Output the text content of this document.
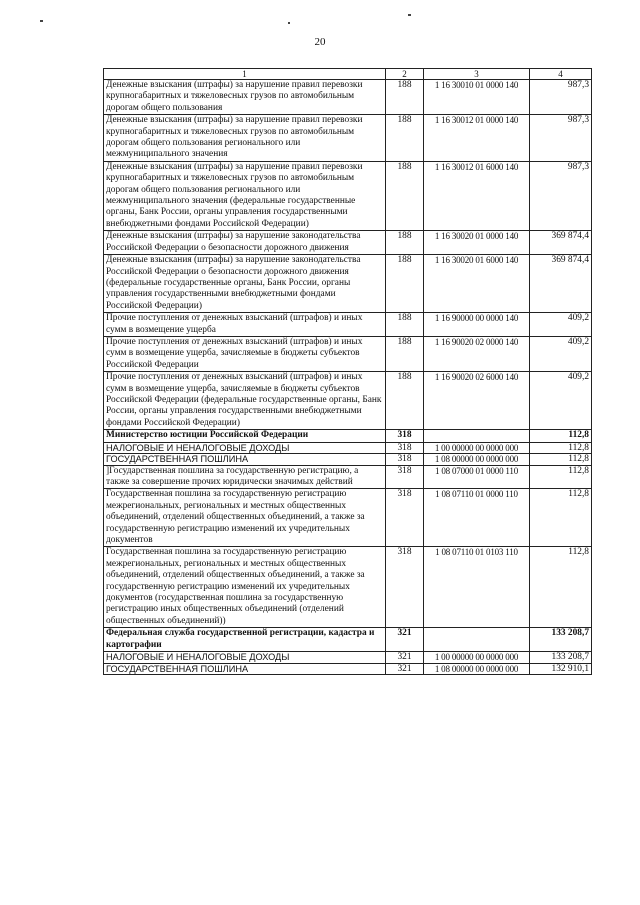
20
1	2	3	4
Денежные взыскания (штрафы) за нарушение правил перевозки крупногабаритных и тяжеловесных грузов по автомобильным дорогам общего пользования	188	1 16 30010 01 0000 140	987,3
Денежные взыскания (штрафы) за нарушение правил перевозки крупногабаритных и тяжеловесных грузов по автомобильным дорогам общего пользования регионального или межмуниципального значения	188	1 16 30012 01 0000 140	987,3
Денежные взыскания (штрафы) за нарушение правил перевозки крупногабаритных и тяжеловесных грузов по автомобильным дорогам общего пользования регионального или межмуниципального значения (федеральные государственные органы, Банк России, органы управления государственными внебюджетными фондами Российской Федерации)	188	1 16 30012 01 6000 140	987,3
Денежные взыскания (штрафы) за нарушение законодательства Российской Федерации о безопасности дорожного движения	188	1 16 30020 01 0000 140	369 874,4
Денежные взыскания (штрафы) за нарушение законодательства Российской Федерации о безопасности дорожного движения (федеральные государственные органы, Банк России, органы управления государственными внебюджетными фондами Российской Федерации)	188	1 16 30020 01 6000 140	369 874,4
Прочие поступления от денежных взысканий (штрафов) и иных сумм в возмещение ущерба	188	1 16 90000 00 0000 140	409,2
Прочие поступления от денежных взысканий (штрафов) и иных сумм в возмещение ущерба, зачисляемые в бюджеты субъектов Российской Федерации	188	1 16 90020 02 0000 140	409,2
Прочие поступления от денежных взысканий (штрафов) и иных сумм в возмещение ущерба, зачисляемые в бюджеты субъектов Российской Федерации (федеральные государственные органы, Банк России, органы управления государственными внебюджетными фондами Российской Федерации)	188	1 16 90020 02 6000 140	409,2
Министерство юстиции Российской Федерации	318		112,8
НАЛОГОВЫЕ И НЕНАЛОГОВЫЕ ДОХОДЫ	318	1 00 00000 00 0000 000	112,8
ГОСУДАРСТВЕННАЯ ПОШЛИНА	318	1 08 00000 00 0000 000	112,8
]Государственная пошлина за государственную регистрацию, а также за совершение прочих юридически значимых действий	318	1 08 07000 01 0000 110	112,8
Государственная пошлина за государственную регистрацию межрегиональных, региональных и местных общественных объединений, отделений общественных объединений, а также за государственную регистрацию изменений их учредительных документов	318	1 08 07110 01 0000 110	112,8
Государственная пошлина за государственную регистрацию межрегиональных, региональных и местных общественных объединений, отделений общественных объединений, а также за государственную регистрацию изменений их учредительных документов (государственная пошлина за государственную регистрацию иных общественных объединений (отделений общественных объединений))	318	1 08 07110 01 0103 110	112,8
Федеральная служба государственной регистрации, кадастра и картографии	321		133 208,7
НАЛОГОВЫЕ И НЕНАЛОГОВЫЕ ДОХОДЫ	321	1 00 00000 00 0000 000	133 208,7
ГОСУДАРСТВЕННАЯ ПОШЛИНА	321	1 08 00000 00 0000 000	132 910,1
